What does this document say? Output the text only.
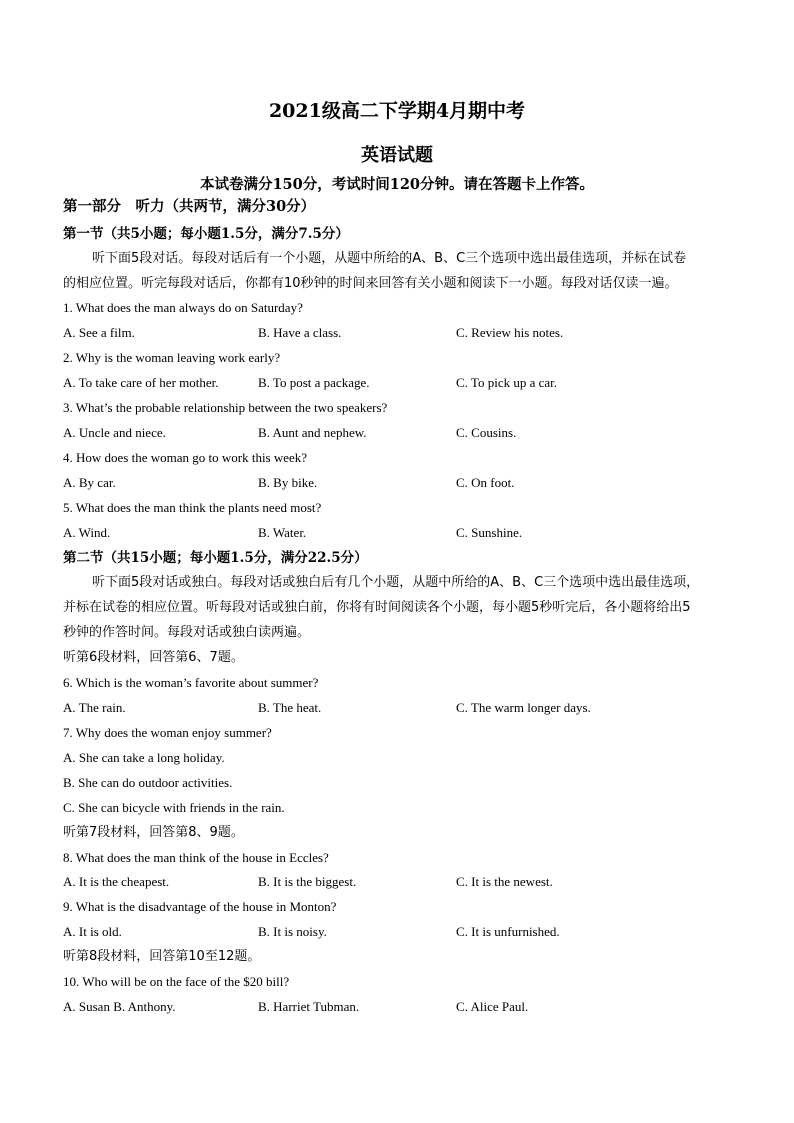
2021级高二下学期4月期中考
英语试题
本试卷满分150分，考试时间120分钟。请在答题卡上作答。
第一部分　听力（共两节，满分30分）
第一节（共5小题；每小题1.5分，满分7.5分）
听下面5段对话。每段对话后有一个小题，从题中所给的A、B、C三个选项中选出最佳选项，并标在试卷
的相应位置。听完每段对话后，你都有10秒钟的时间来回答有关小题和阅读下一小题。每段对话仅读一遍。
1. What does the man always do on Saturday?
A. See a film.	B. Have a class.	C. Review his notes.
2. Why is the woman leaving work early?
A. To take care of her mother.	B. To post a package.	C. To pick up a car.
3. What’s the probable relationship between the two speakers?
A. Uncle and niece.	B. Aunt and nephew.	C. Cousins.
4. How does the woman go to work this week?
A. By car.	B. By bike.	C. On foot.
5. What does the man think the plants need most?
A. Wind.	B. Water.	C. Sunshine.
第二节（共15小题；每小题1.5分，满分22.5分）
听下面5段对话或独白。每段对话或独白后有几个小题，从题中所给的A、B、C三个选项中选出最佳选项，
并标在试卷的相应位置。听每段对话或独白前，你将有时间阅读各个小题，每小题5秒听完后，各小题将给出5
秒钟的作答时间。每段对话或独白读两遍。
听第6段材料，回答第6、7题。
6. Which is the woman’s favorite about summer?
A. The rain.	B. The heat.	C. The warm longer days.
7. Why does the woman enjoy summer?
A. She can take a long holiday.
B. She can do outdoor activities.
C. She can bicycle with friends in the rain.
听第7段材料，回答第8、9题。
8. What does the man think of the house in Eccles?
A. It is the cheapest.	B. It is the biggest.	C. It is the newest.
9. What is the disadvantage of the house in Monton?
A. It is old.	B. It is noisy.	C. It is unfurnished.
听第8段材料，回答第10至12题。
10. Who will be on the face of the $20 bill?
A. Susan B. Anthony.	B. Harriet Tubman.	C. Alice Paul.
